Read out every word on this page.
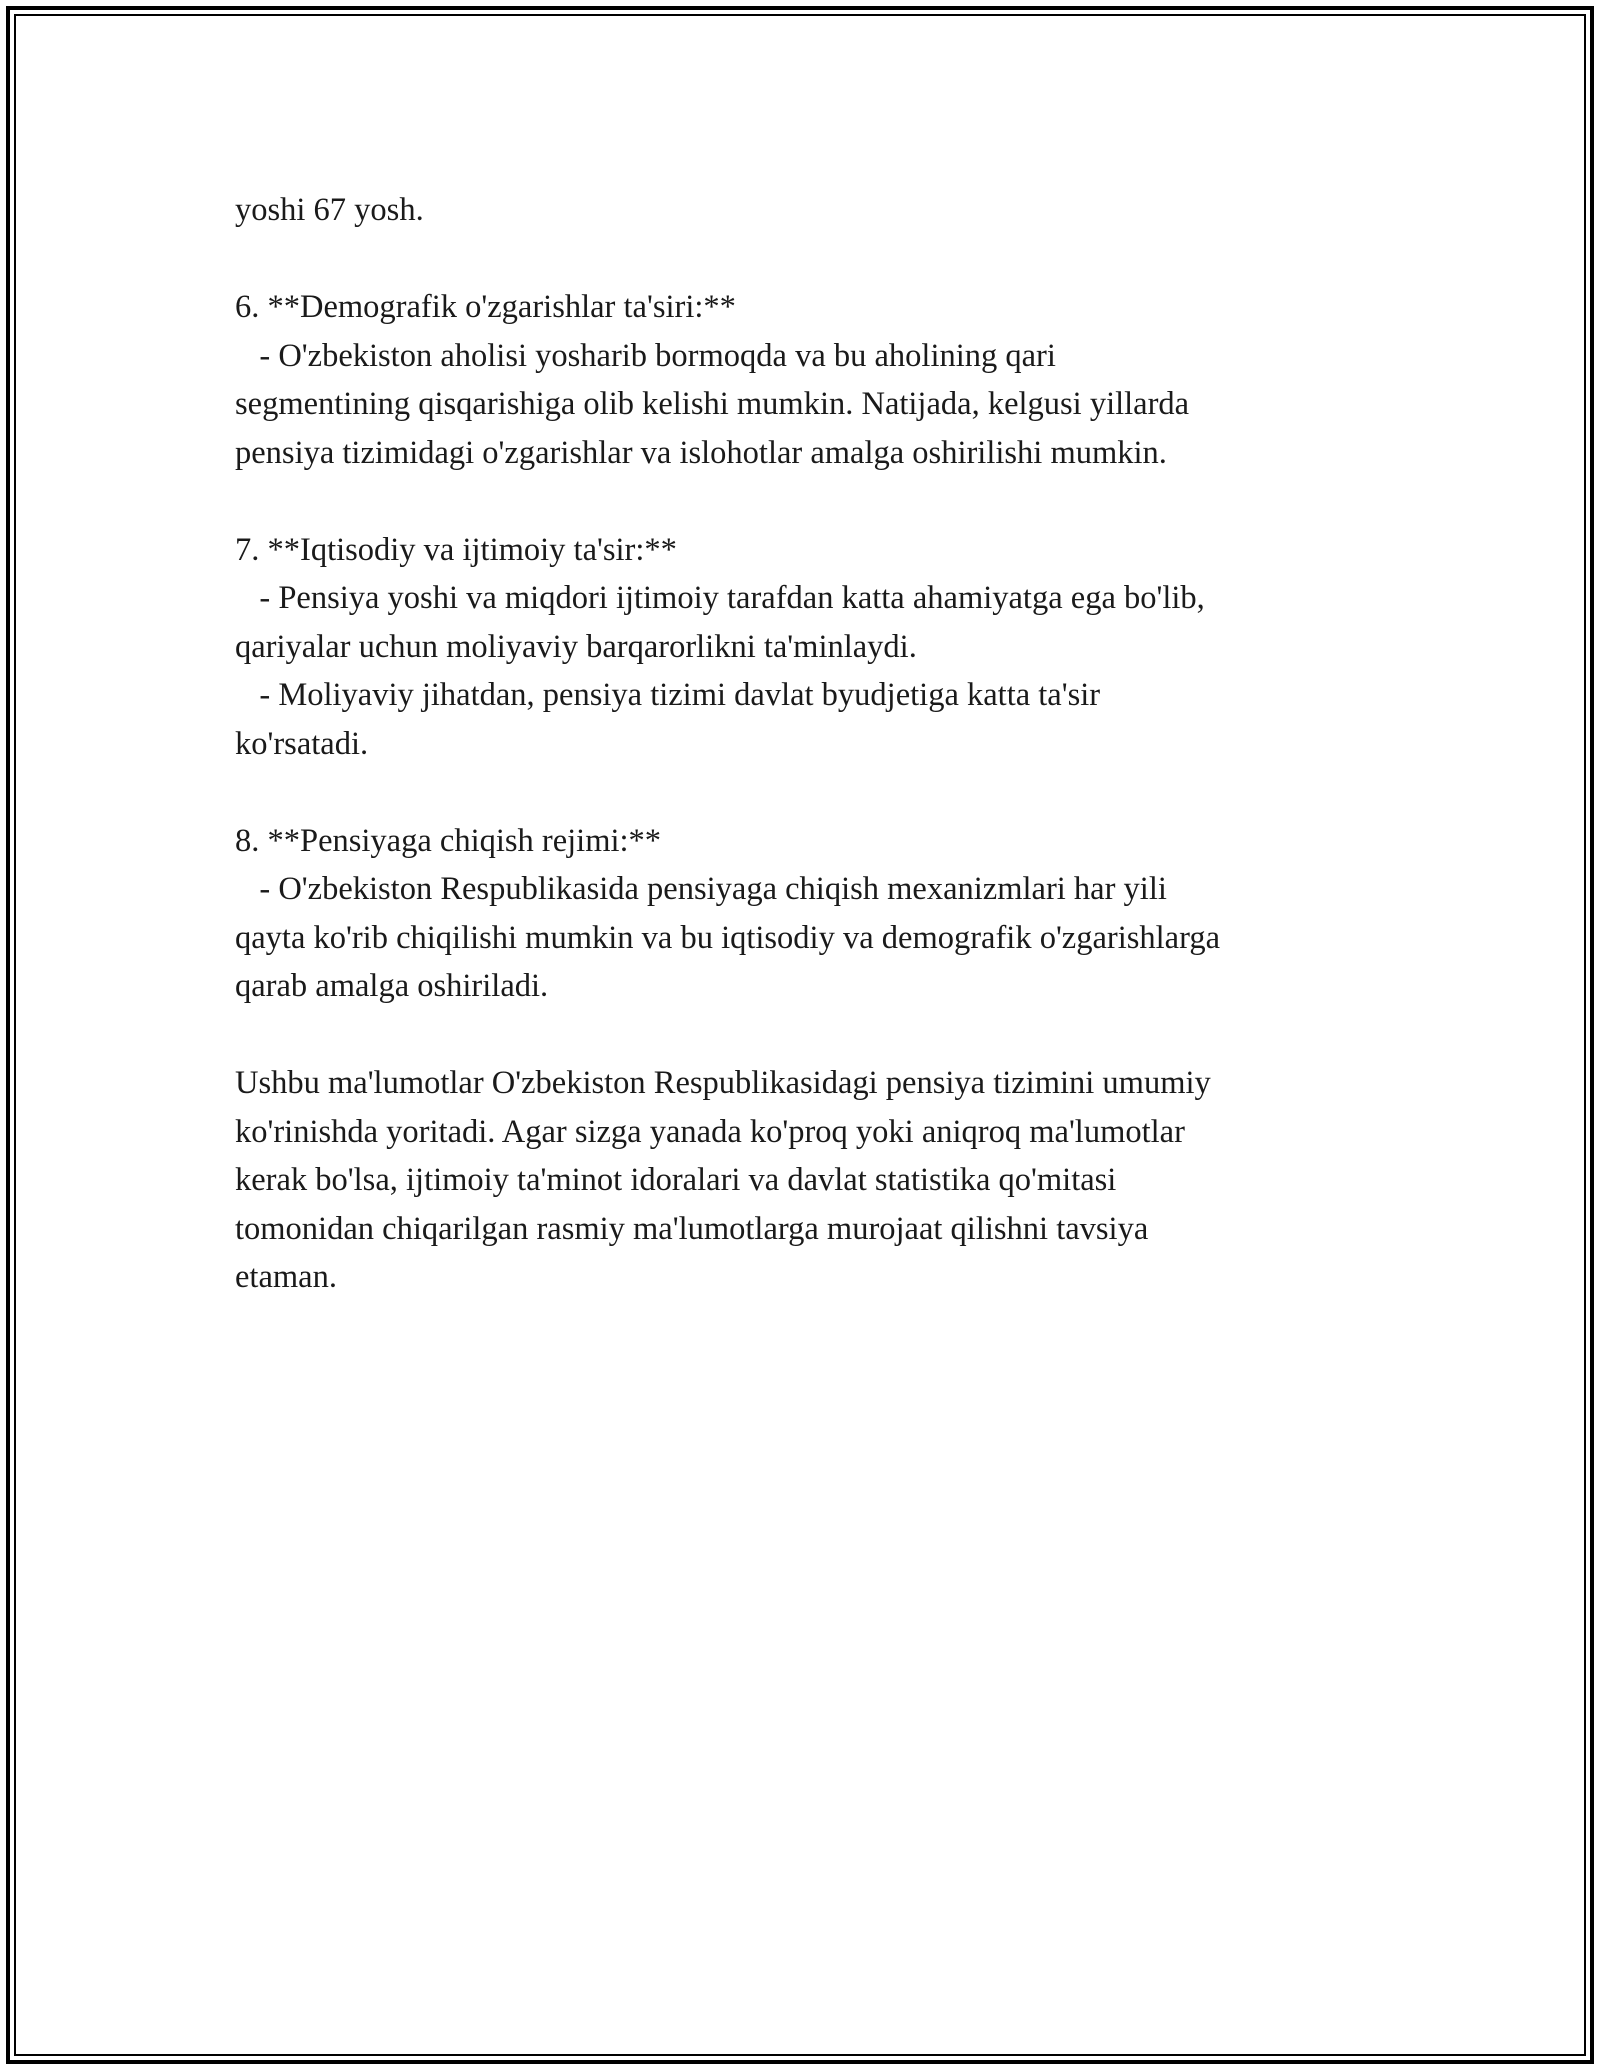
yoshi 67 yosh.
6. **Demografik o'zgarishlar ta'siri:**
- O'zbekiston aholisi yosharib bormoqda va bu aholining qari
segmentining qisqarishiga olib kelishi mumkin. Natijada, kelgusi yillarda
pensiya tizimidagi o'zgarishlar va islohotlar amalga oshirilishi mumkin.
7. **Iqtisodiy va ijtimoiy ta'sir:**
- Pensiya yoshi va miqdori ijtimoiy tarafdan katta ahamiyatga ega bo'lib,
qariyalar uchun moliyaviy barqarorlikni ta'minlaydi.
- Moliyaviy jihatdan, pensiya tizimi davlat byudjetiga katta ta'sir
ko'rsatadi.
8. **Pensiyaga chiqish rejimi:**
- O'zbekiston Respublikasida pensiyaga chiqish mexanizmlari har yili
qayta ko'rib chiqilishi mumkin va bu iqtisodiy va demografik o'zgarishlarga
qarab amalga oshiriladi.
Ushbu ma'lumotlar O'zbekiston Respublikasidagi pensiya tizimini umumiy
ko'rinishda yoritadi. Agar sizga yanada ko'proq yoki aniqroq ma'lumotlar
kerak bo'lsa, ijtimoiy ta'minot idoralari va davlat statistika qo'mitasi
tomonidan chiqarilgan rasmiy ma'lumotlarga murojaat qilishni tavsiya
etaman.
